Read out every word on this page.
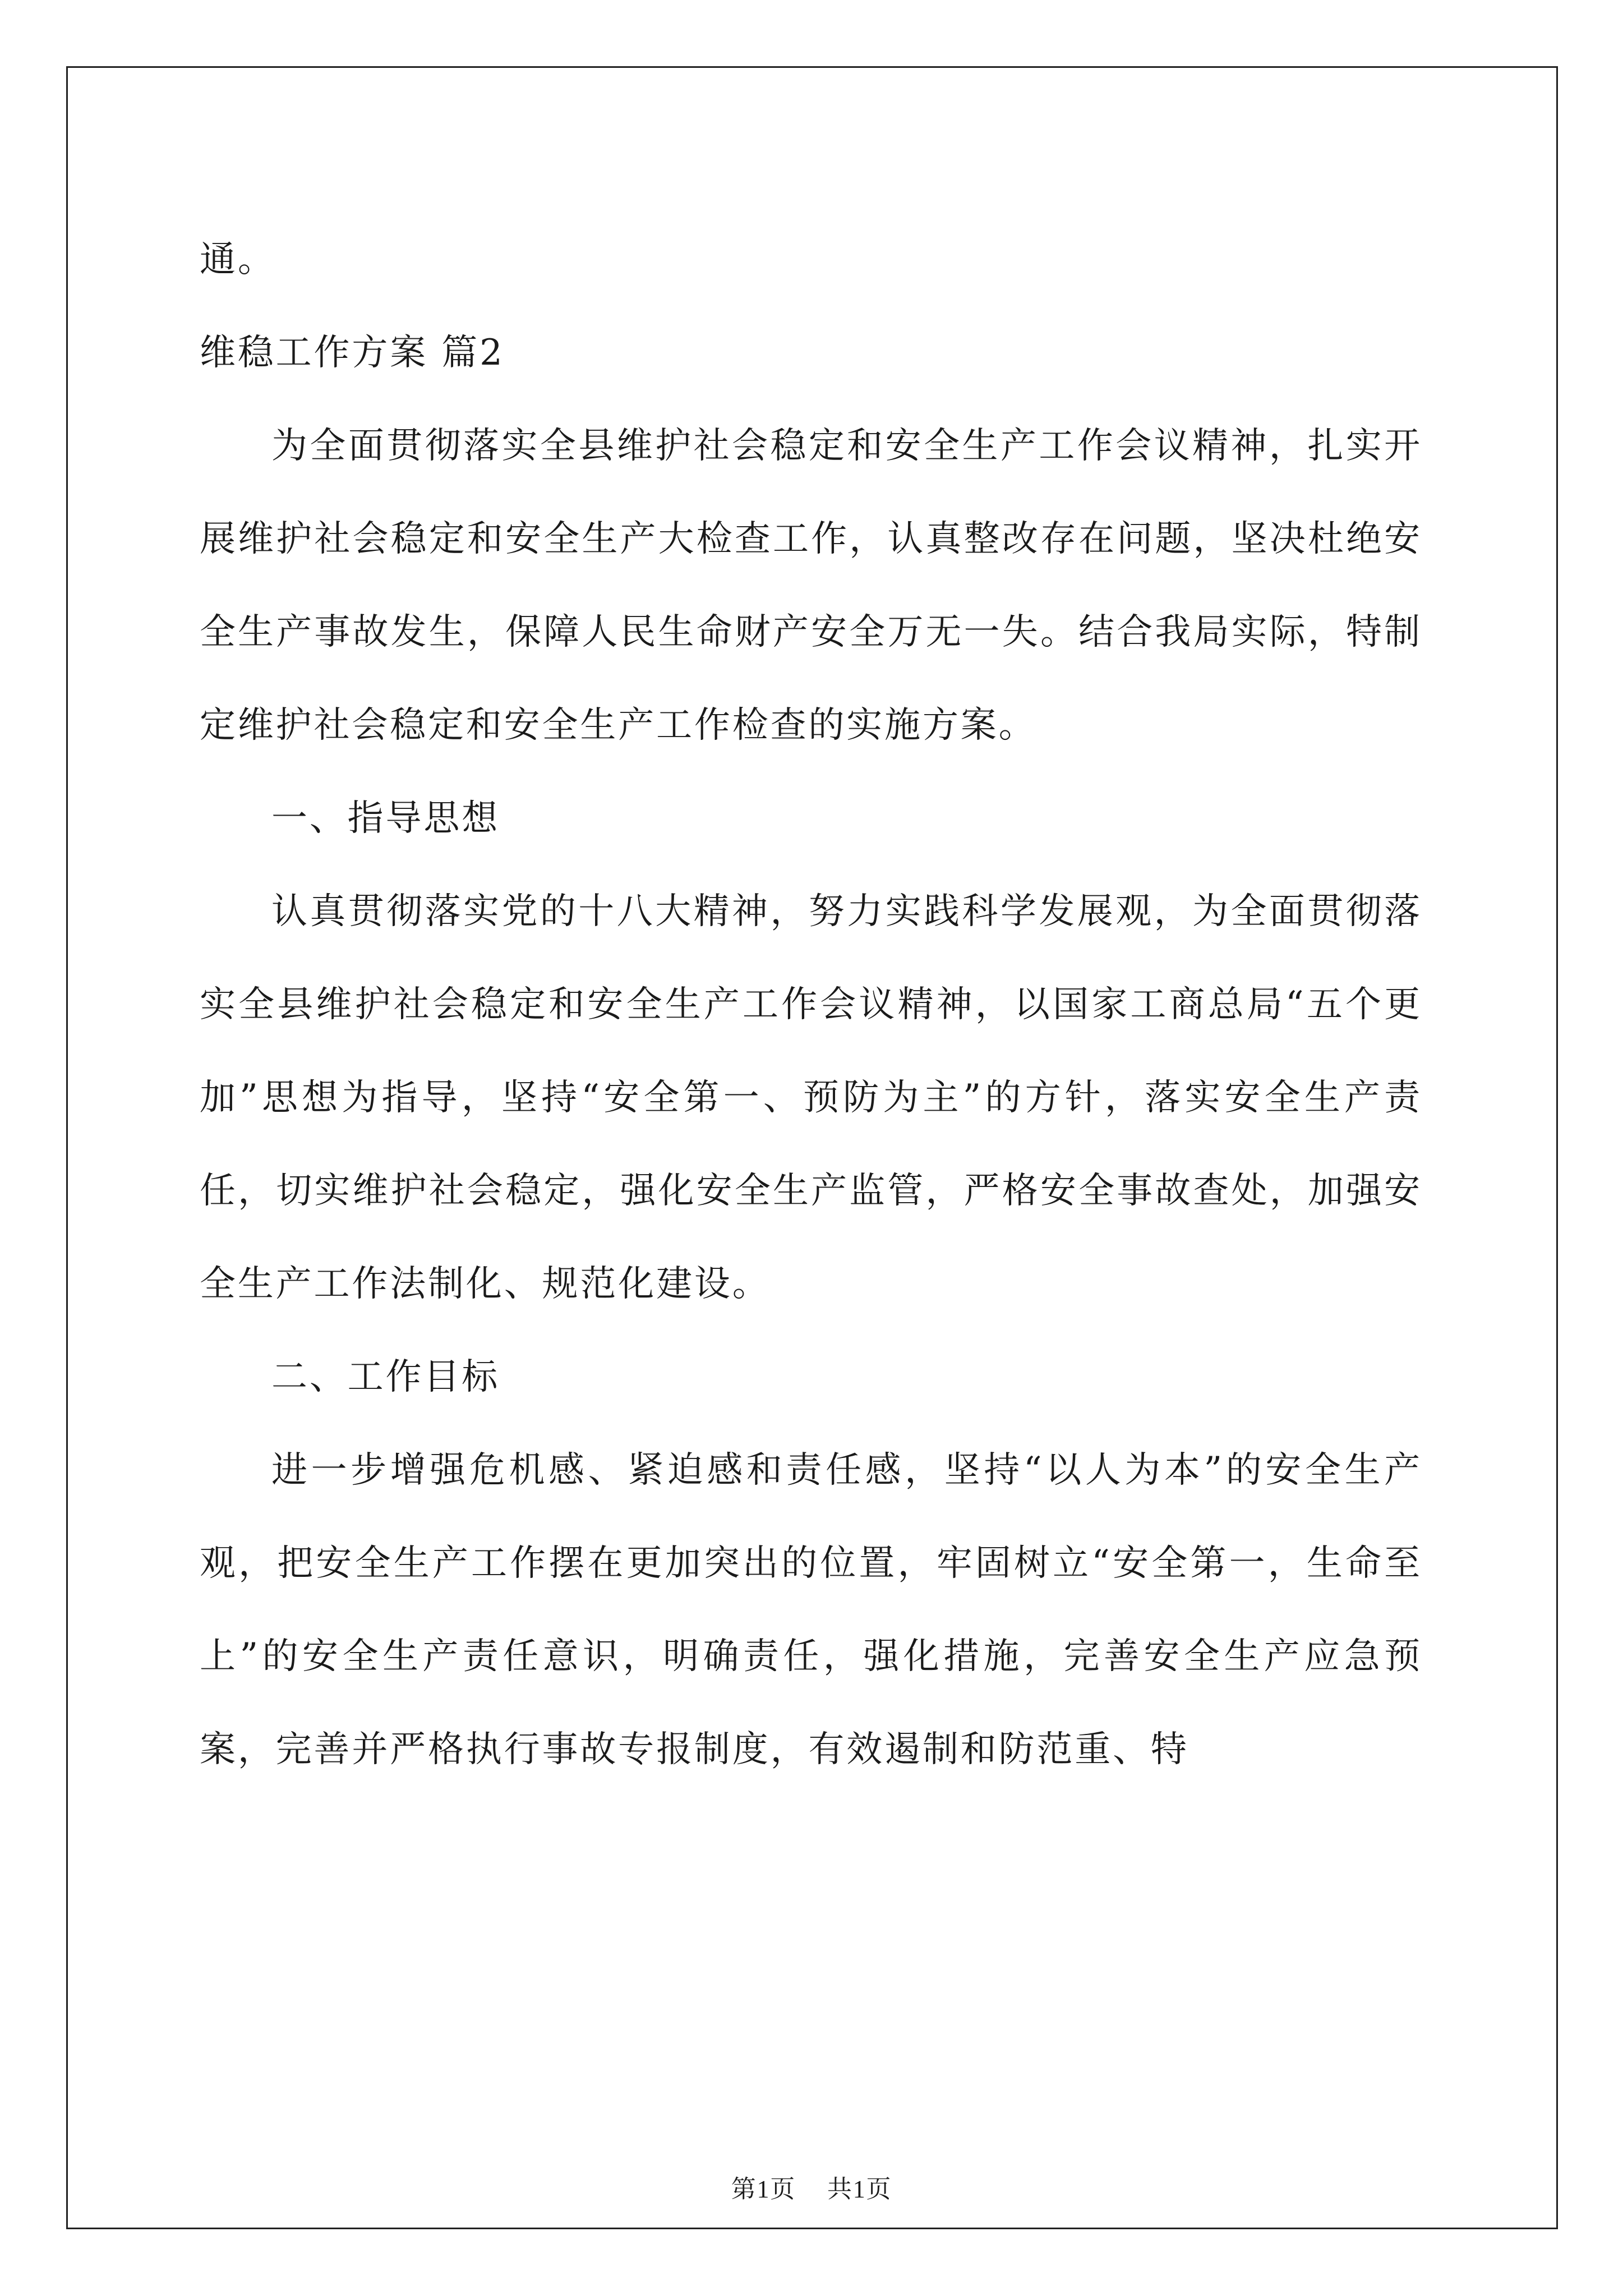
通。

维稳工作方案 篇2

为全面贯彻落实全县维护社会稳定和安全生产工作会议精神，扎实开展维护社会稳定和安全生产大检查工作，认真整改存在问题，坚决杜绝安全生产事故发生，保障人民生命财产安全万无一失。结合我局实际，特制定维护社会稳定和安全生产工作检查的实施方案。

一、指导思想

认真贯彻落实党的十八大精神，努力实践科学发展观，为全面贯彻落实全县维护社会稳定和安全生产工作会议精神，以国家工商总局“五个更加”思想为指导，坚持“安全第一、预防为主”的方针，落实安全生产责任，切实维护社会稳定，强化安全生产监管，严格安全事故查处，加强安全生产工作法制化、规范化建设。

二、工作目标

进一步增强危机感、紧迫感和责任感，坚持“以人为本”的安全生产观，把安全生产工作摆在更加突出的位置，牢固树立“安全第一，生命至上”的安全生产责任意识，明确责任，强化措施，完善安全生产应急预案，完善并严格执行事故专报制度，有效遏制和防范重、特

第1页 共1页
